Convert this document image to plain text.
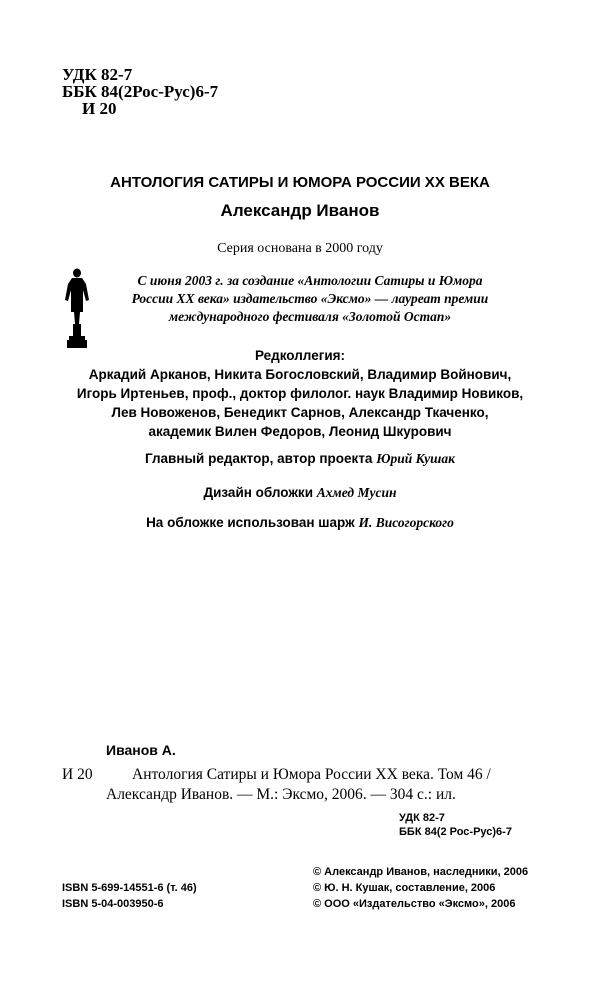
УДК 82-7
ББК 84(2Рос-Рус)6-7
И 20
АНТОЛОГИЯ САТИРЫ И ЮМОРА РОССИИ XX ВЕКА
Александр Иванов
Серия основана в 2000 году
С июня 2003 г. за создание «Антологии Сатиры и Юмора
России XX века» издательство «Эксмо» — лауреат премии
международного фестиваля «Золотой Остап»
Редколлегия:
Аркадий Арканов, Никита Богословский, Владимир Войнович,
Игорь Иртеньев, проф., доктор филолог. наук Владимир Новиков,
Лев Новоженов, Бенедикт Сарнов, Александр Ткаченко,
академик Вилен Федоров, Леонид Шкурович
Главный редактор, автор проекта Юрий Кушак
Дизайн обложки Ахмед Мусин
На обложке использован шарж И. Висогорского
Иванов А.
И 20	Антология Сатиры и Юмора России XX века. Том 46 /
Александр Иванов. — М.: Эксмо, 2006. — 304 с.: ил.
УДК 82-7
ББК 84(2 Рос-Рус)6-7
ISBN 5-699-14551-6 (т. 46)
ISBN 5-04-003950-6
© Александр Иванов, наследники, 2006
© Ю. Н. Кушак, составление, 2006
© ООО «Издательство «Эксмо», 2006
